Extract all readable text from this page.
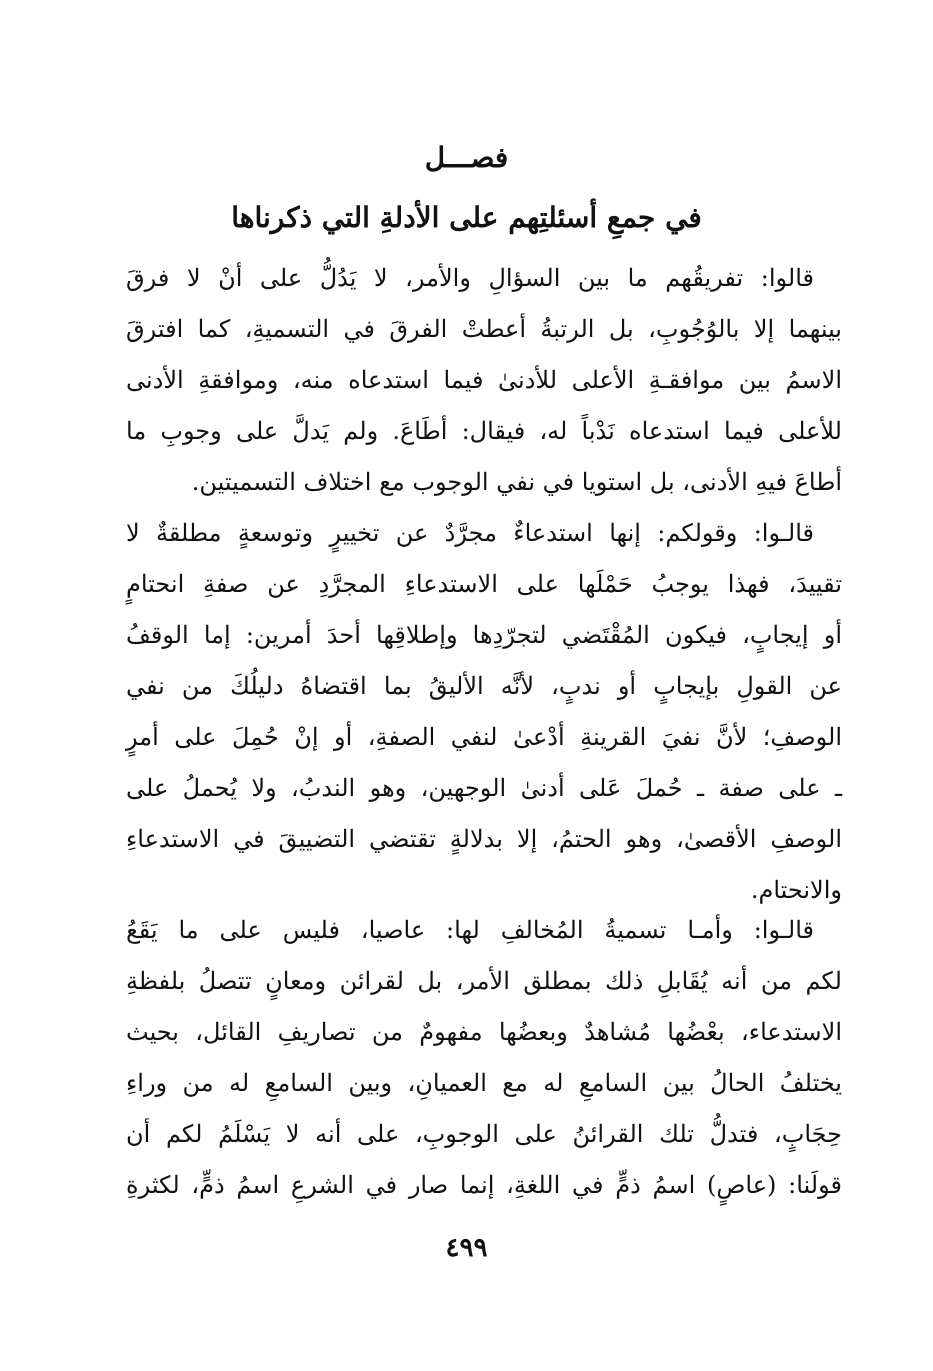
فصـــل
في جمعِ أسئلتِهم على الأدلةِ التي ذكرناها
قالوا: تفريقُهم ما بين السؤالِ والأمر، لا يَدُلُّ على أنْ لا فرقَ
بينهما إلا بالوُجُوبِ، بل الرتبةُ أعطتْ الفرقَ في التسميةِ، كما افترقَ
الاسمُ بين موافقـةِ الأعلى للأدنىٰ فيما استدعاه منه، وموافقةِ الأدنى
للأعلى فيما استدعاه نَدْباً له، فيقال: أطَاعَ. ولم يَدلَّ على وجوبِ ما
أطاعَ فيهِ الأدنى، بل استويا في نفي الوجوب مع اختلاف التسميتين.
قالـوا: وقولكم: إنها استدعاءٌ مجرَّدٌ عن تخييرٍ وتوسعةٍ مطلقةٌ لا
تقييدَ، فهذا يوجبُ حَمْلَها على الاستدعاءِ المجرَّدِ عن صفةِ انحتامٍ
أو إيجابٍ، فيكون المُقْتَضي لتجرّدِها وإطلاقِها أحدَ أمرين: إما الوقفُ
عن القولِ بإيجابٍ أو ندبٍ، لأنَّه الأليقُ بما اقتضاهُ دليلُكَ من نفي
الوصفِ؛ لأنَّ نفيَ القرينةِ أدْعىٰ لنفي الصفةِ، أو إنْ حُمِلَ على أمرٍ
ـ على صفة ـ حُملَ عَلى أدنىٰ الوجهين، وهو الندبُ، ولا يُحملُ على
الوصفِ الأقصىٰ، وهو الحتمُ، إلا بدلالةٍ تقتضي التضييقَ في الاستدعاءِ
والانحتام.
قالـوا: وأمـا تسميةُ المُخالفِ لها: عاصيا، فليس على ما يَقَعُ
لكم من أنه يُقَابلِ ذلك بمطلق الأمر، بل لقرائن ومعانٍ تتصلُ بلفظةِ
الاستدعاء، بعْضُها مُشاهدٌ وبعضُها مفهومٌ من تصاريفِ القائل، بحيث
يختلفُ الحالُ بين السامعِ له مع العميانِ، وبين السامعِ له من وراءِ
حِجَابٍ، فتدلُّ تلك القرائنُ على الوجوبِ، على أنه لا يَسْلَمُ لكم أن
قولَنا: (عاصٍ) اسمُ ذمٍّ في اللغةِ، إنما صار في الشرعِ اسمُ ذمٍّ، لكثرةِ
٤٩٩
